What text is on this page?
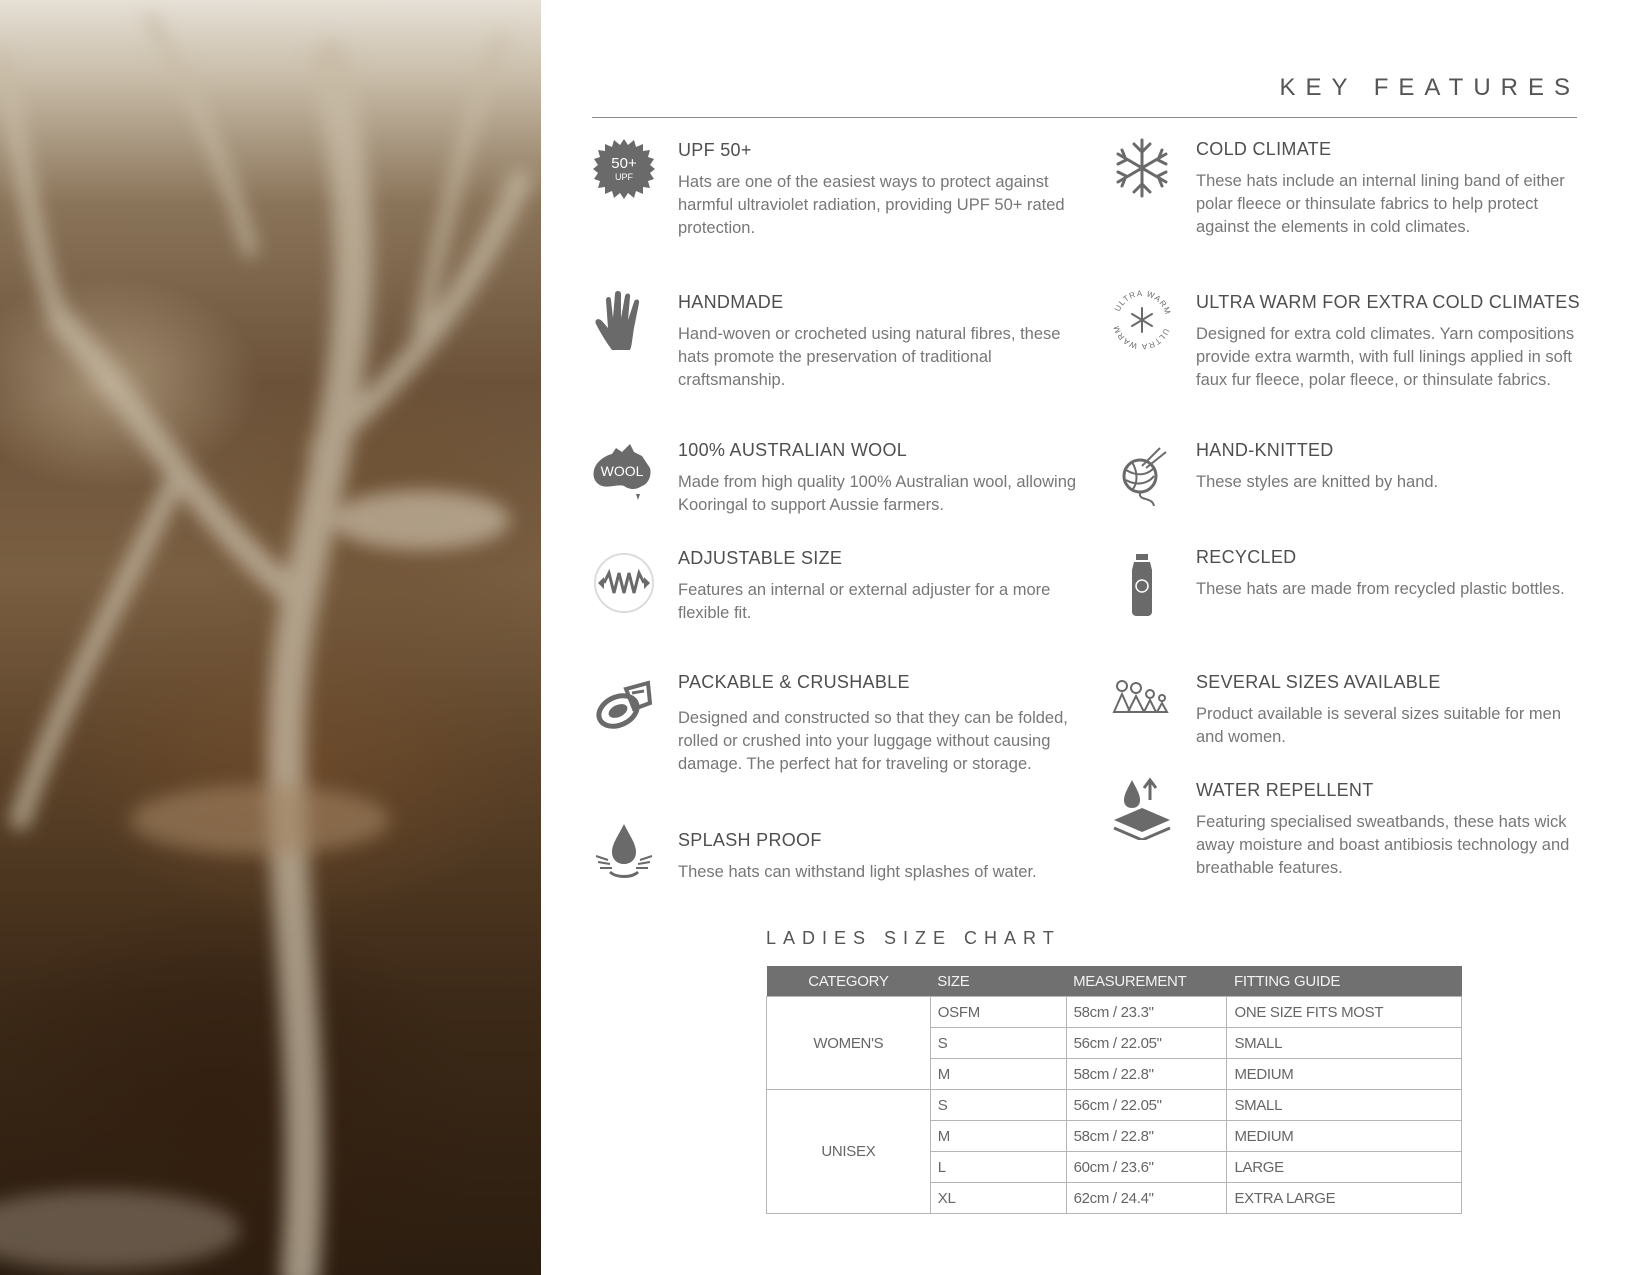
KEY FEATURES
50+
UPF
UPF 50+
Hats are one of the easiest ways to protect against harmful ultraviolet radiation, providing UPF 50+ rated protection.
HANDMADE
Hand-woven or crocheted using natural fibres, these hats promote the preservation of traditional craftsmanship.
WOOL
100% AUSTRALIAN WOOL
Made from high quality 100% Australian wool, allowing Kooringal to support Aussie farmers.
ADJUSTABLE SIZE
Features an internal or external adjuster for a more flexible fit.
PACKABLE & CRUSHABLE
Designed and constructed so that they can be folded, rolled or crushed into your luggage without causing damage. The perfect hat for traveling or storage.
SPLASH PROOF
These hats can withstand light splashes of water.
COLD CLIMATE
These hats include an internal lining band of either polar fleece or thinsulate fabrics to help protect against the elements in cold climates.
ULTRA WARM
ULTRA WARM
ULTRA WARM FOR EXTRA COLD CLIMATES
Designed for extra cold climates. Yarn compositions provide extra warmth, with full linings applied in soft faux fur fleece, polar fleece, or thinsulate fabrics.
HAND-KNITTED
These styles are knitted by hand.
RECYCLED
These hats are made from recycled plastic bottles.
SEVERAL SIZES AVAILABLE
Product available is several sizes suitable for men and women.
WATER REPELLENT
Featuring specialised sweatbands, these hats wick away moisture and boast antibiosis technology and breathable features.
LADIES SIZE CHART
CATEGORY	SIZE	MEASUREMENT	FITTING GUIDE
WOMEN'S	OSFM	58cm / 23.3"	ONE SIZE FITS MOST
	S	56cm / 22.05"	SMALL
	M	58cm / 22.8"	MEDIUM
UNISEX	S	56cm / 22.05"	SMALL
	M	58cm / 22.8"	MEDIUM
	L	60cm / 23.6"	LARGE
	XL	62cm / 24.4"	EXTRA LARGE
